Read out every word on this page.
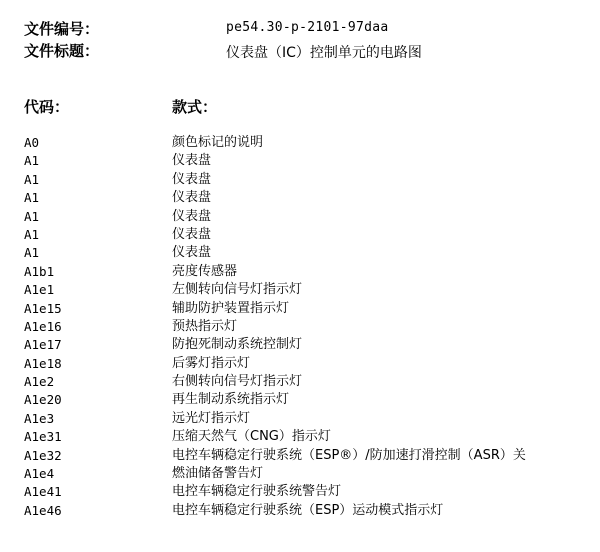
文件编号：	pe54.30-p-2101-97daa
文件标题：	仪表盘（IC）控制单元的电路图
代码：	款式：
A0	颜色标记的说明
A1	仪表盘
A1	仪表盘
A1	仪表盘
A1	仪表盘
A1	仪表盘
A1	仪表盘
A1b1	亮度传感器
A1e1	左侧转向信号灯指示灯
A1e15	辅助防护装置指示灯
A1e16	预热指示灯
A1e17	防抱死制动系统控制灯
A1e18	后雾灯指示灯
A1e2	右侧转向信号灯指示灯
A1e20	再生制动系统指示灯
A1e3	远光灯指示灯
A1e31	压缩天然气（CNG）指示灯
A1e32	电控车辆稳定行驶系统（ESP®）/防加速打滑控制（ASR）关
A1e4	燃油储备警告灯
A1e41	电控车辆稳定行驶系统警告灯
A1e46	电控车辆稳定行驶系统（ESP）运动模式指示灯
